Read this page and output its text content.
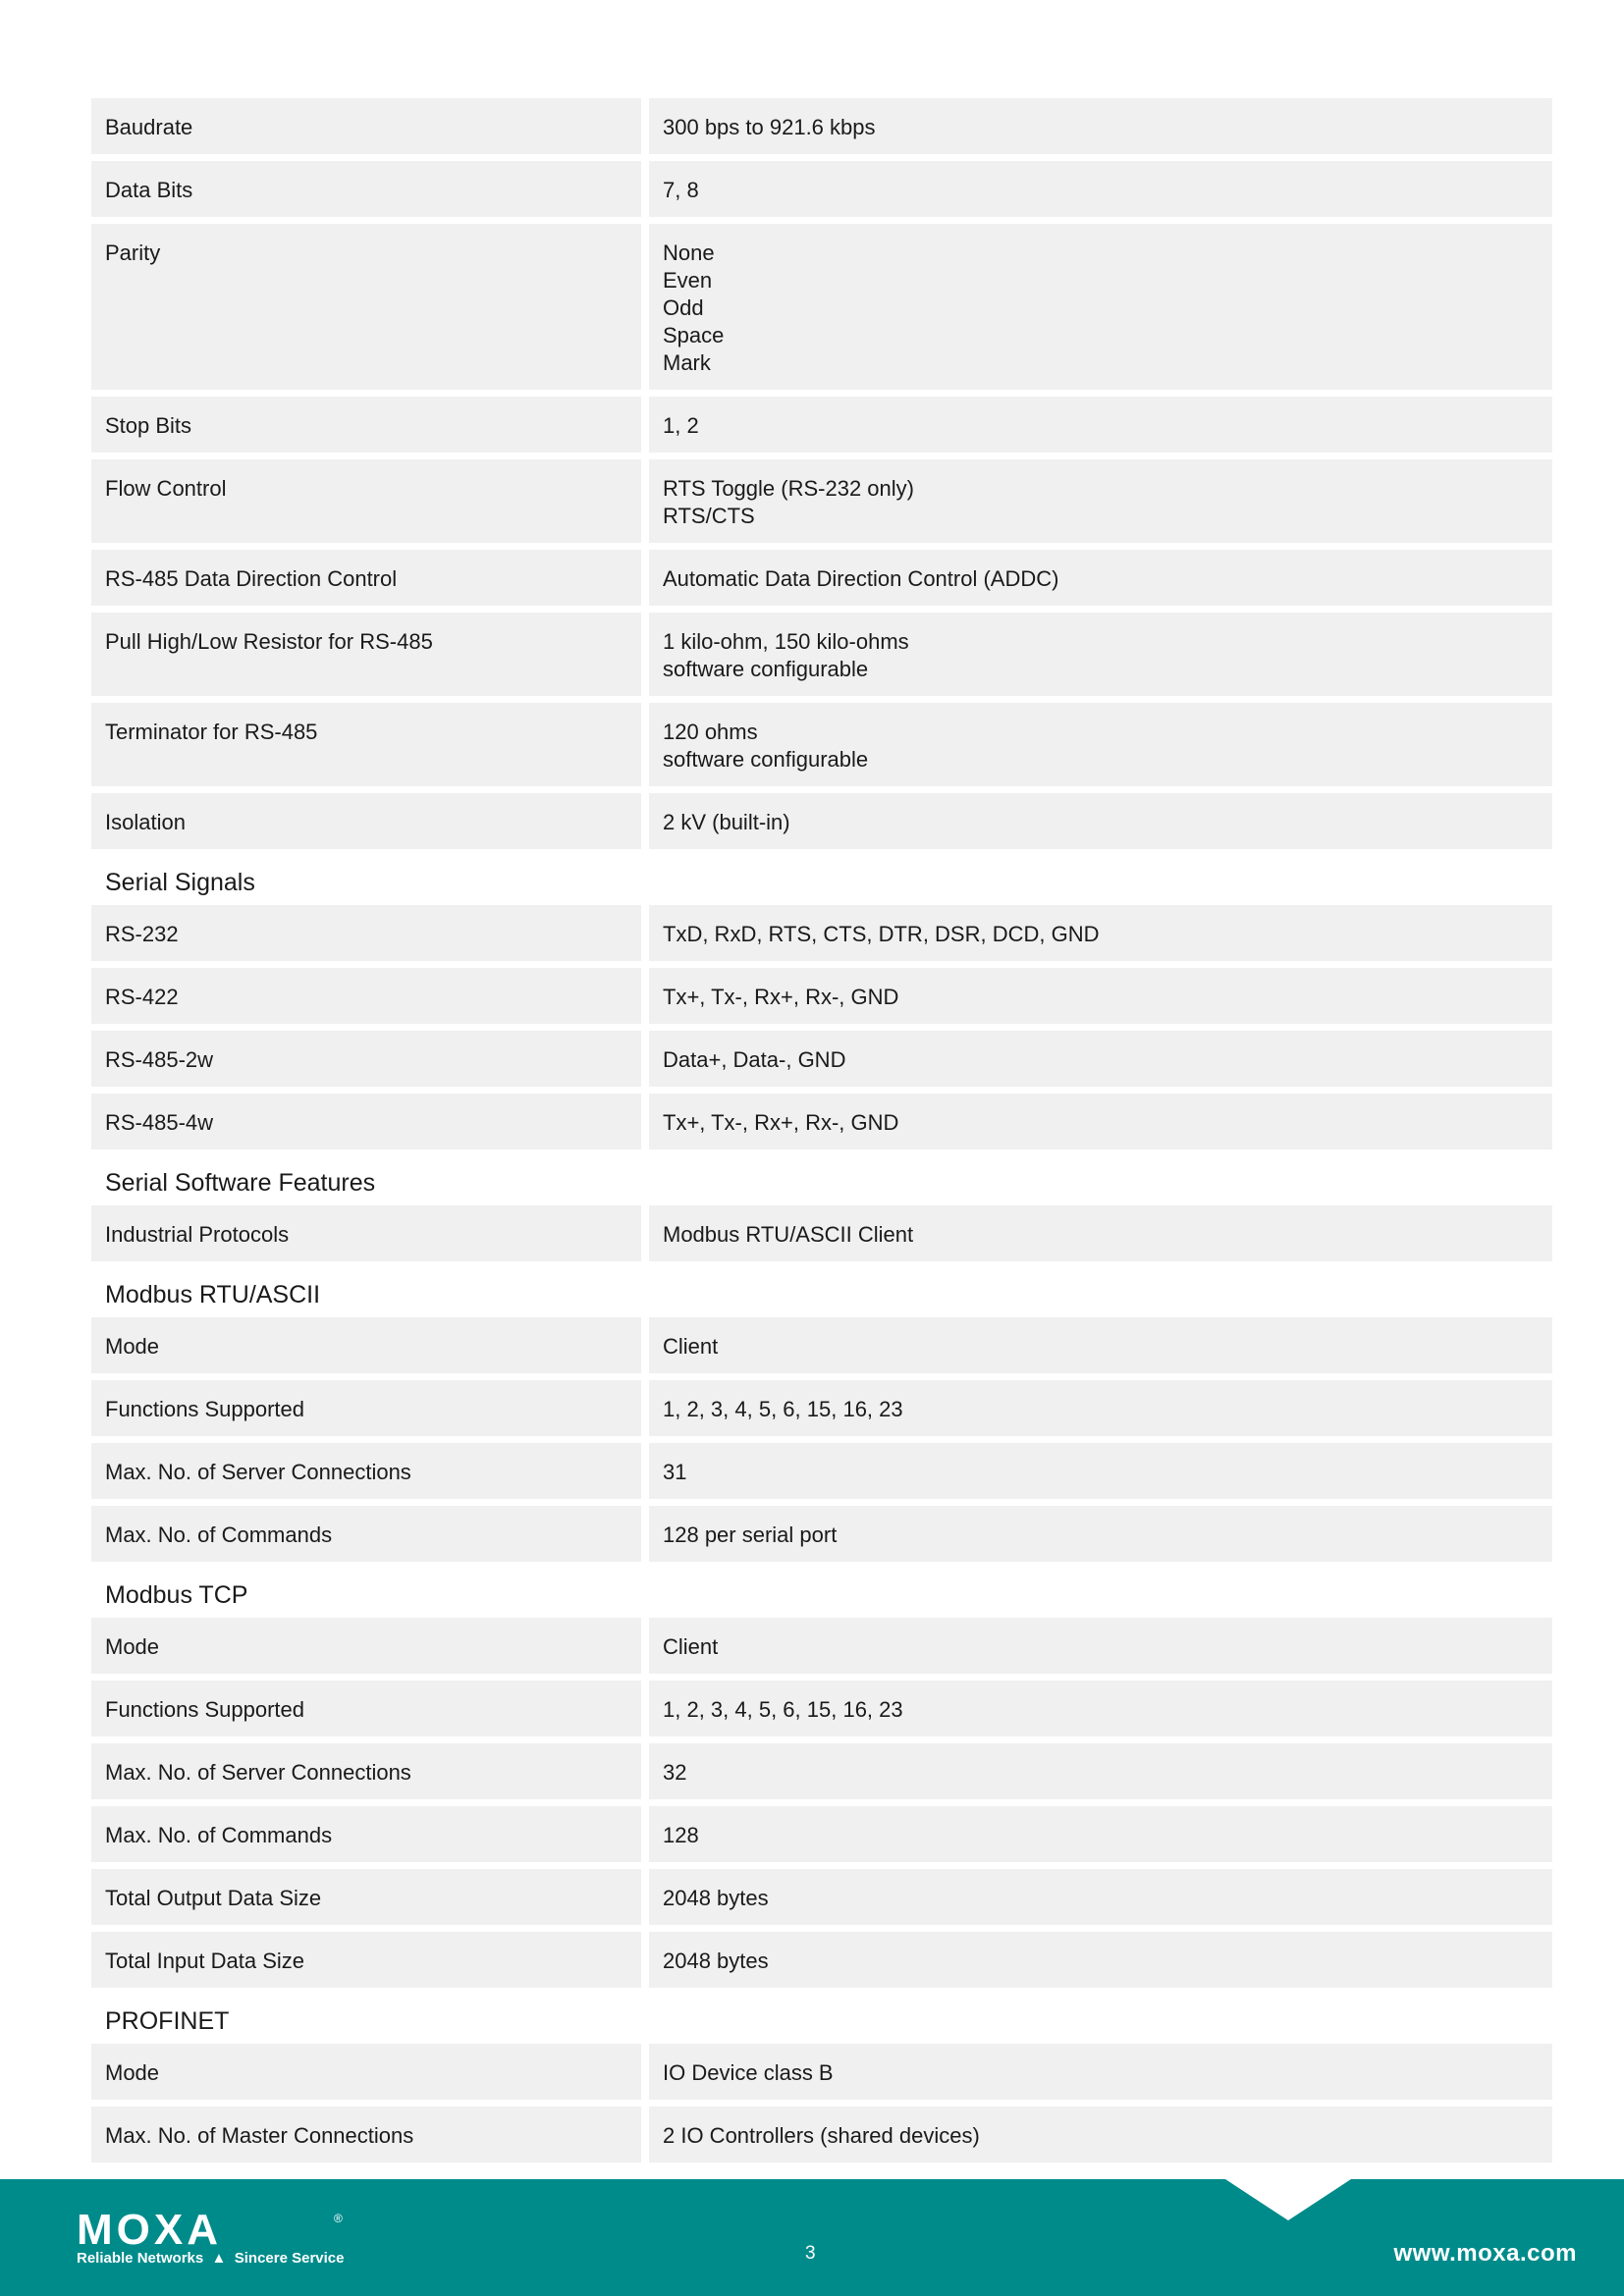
Baudrate	300 bps to 921.6 kbps
Data Bits	7, 8
Parity	None
Even
Odd
Space
Mark
Stop Bits	1, 2
Flow Control	RTS Toggle (RS-232 only)
RTS/CTS
RS-485 Data Direction Control	Automatic Data Direction Control (ADDC)
Pull High/Low Resistor for RS-485	1 kilo-ohm, 150 kilo-ohms
software configurable
Terminator for RS-485	120 ohms
software configurable
Isolation	2 kV (built-in)
Serial Signals
RS-232	TxD, RxD, RTS, CTS, DTR, DSR, DCD, GND
RS-422	Tx+, Tx-, Rx+, Rx-, GND
RS-485-2w	Data+, Data-, GND
RS-485-4w	Tx+, Tx-, Rx+, Rx-, GND
Serial Software Features
Industrial Protocols	Modbus RTU/ASCII Client
Modbus RTU/ASCII
Mode	Client
Functions Supported	1, 2, 3, 4, 5, 6, 15, 16, 23
Max. No. of Server Connections	31
Max. No. of Commands	128 per serial port
Modbus TCP
Mode	Client
Functions Supported	1, 2, 3, 4, 5, 6, 15, 16, 23
Max. No. of Server Connections	32
Max. No. of Commands	128
Total Output Data Size	2048 bytes
Total Input Data Size	2048 bytes
PROFINET
Mode	IO Device class B
Max. No. of Master Connections	2 IO Controllers (shared devices)
MOXA	®
Reliable Networks  ▲  Sincere Service	3	www.moxa.com
